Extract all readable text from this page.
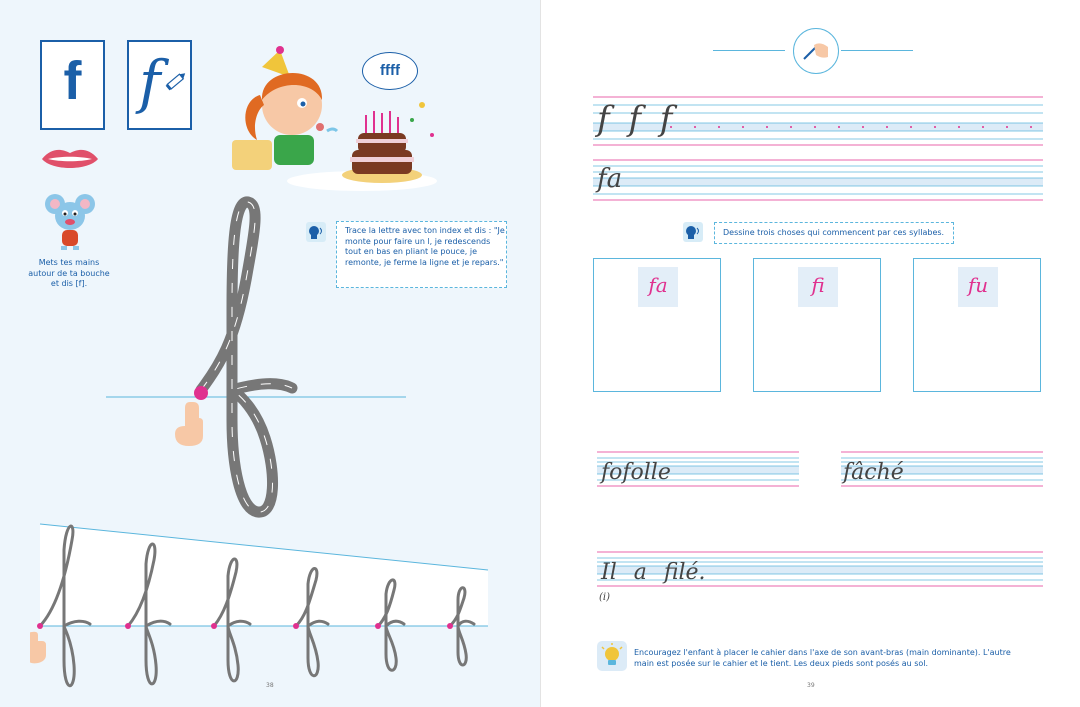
f f
Mets tes mains autour de ta bouche et dis [f].
ffff
Trace la lettre avec ton index et dis : "Je monte pour faire un l, je redescends tout en bas en pliant le pouce, je remonte, je ferme la ligne et je repars."
38
f f f
fa
Dessine trois choses qui commencent par ces syllabes.
fa	fi	fu
fofolle	fâché
Il a filé.
(i)
Encouragez l'enfant à placer le cahier dans l'axe de son avant-bras (main dominante). L'autre main est posée sur le cahier et le tient. Les deux pieds sont posés au sol.
39
